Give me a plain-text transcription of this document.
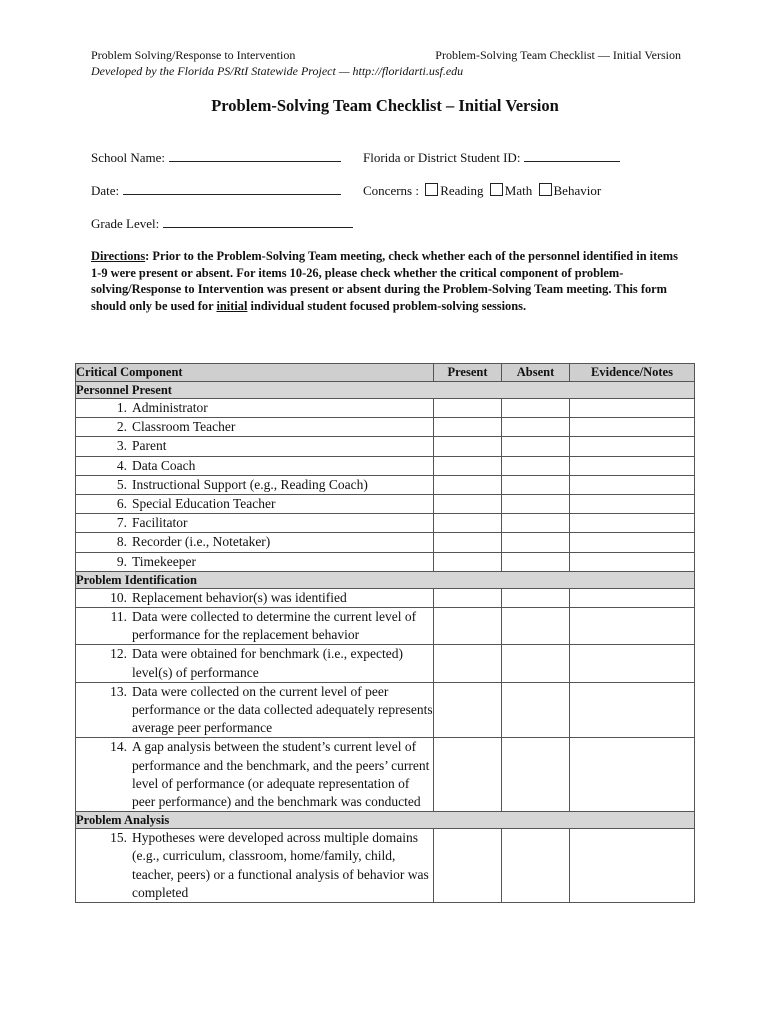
Problem Solving/Response to Intervention	Problem-Solving Team Checklist — Initial Version
Developed by the Florida PS/RtI Statewide Project — http://floridarti.usf.edu
Problem-Solving Team Checklist – Initial Version
School Name:	Florida or District Student ID:
Date:	Concerns : Reading Math Behavior
Grade Level:
Directions: Prior to the Problem-Solving Team meeting, check whether each of the personnel identified in items 1-9 were present or absent. For items 10-26, please check whether the critical component of problem-solving/Response to Intervention was present or absent during the Problem-Solving Team meeting. This form should only be used for initial individual student focused problem-solving sessions.
Critical Component	Present	Absent	Evidence/Notes
Personnel Present			

1. Administrator			

2. Classroom Teacher			

3. Parent			

4. Data Coach			

5. Instructional Support (e.g., Reading Coach)			

6. Special Education Teacher			

7. Facilitator			

8. Recorder (i.e., Notetaker)			

9. Timekeeper			

Problem Identification			

10. Replacement behavior(s) was identified			

11. Data were collected to determine the current level of performance for the replacement behavior			

12. Data were obtained for benchmark (i.e., expected) level(s) of performance			

13. Data were collected on the current level of peer performance or the data collected adequately represents average peer performance			

14. A gap analysis between the student’s current level of performance and the benchmark, and the peers’ current level of performance (or adequate representation of peer performance) and the benchmark was conducted			

Problem Analysis			

15. Hypotheses were developed across multiple domains (e.g., curriculum, classroom, home/family, child, teacher, peers) or a functional analysis of behavior was completed			
